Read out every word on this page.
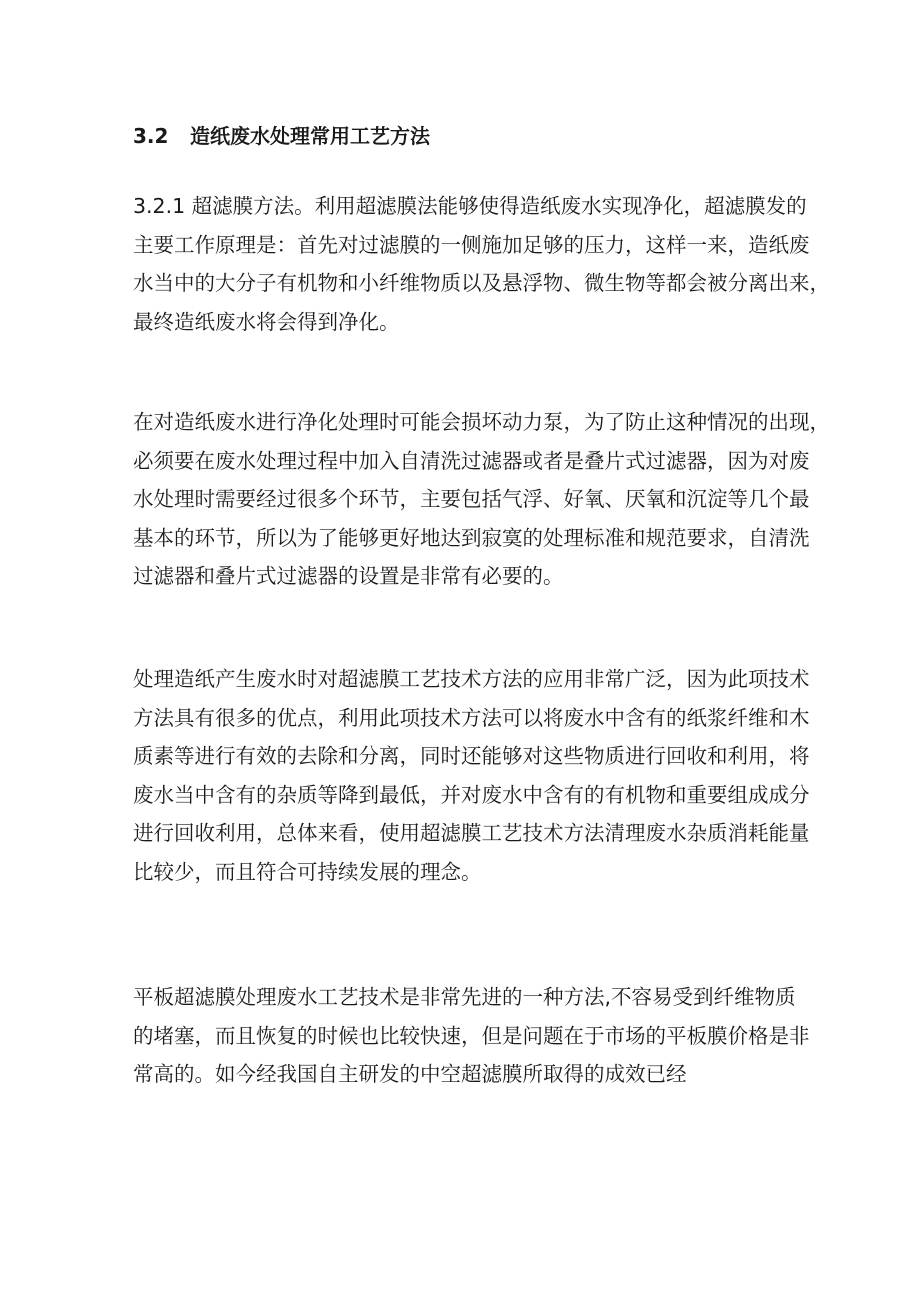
3.2 造纸废水处理常用工艺方法
3.2.1 超滤膜方法。利用超滤膜法能够使得造纸废水实现净化，超滤膜发的
主要工作原理是：首先对过滤膜的一侧施加足够的压力，这样一来，造纸废
水当中的大分子有机物和小纤维物质以及悬浮物、微生物等都会被分离出来，
最终造纸废水将会得到净化。
在对造纸废水进行净化处理时可能会损坏动力泵，为了防止这种情况的出现，
必须要在废水处理过程中加入自清洗过滤器或者是叠片式过滤器，因为对废
水处理时需要经过很多个环节，主要包括气浮、好氧、厌氧和沉淀等几个最
基本的环节，所以为了能够更好地达到寂寞的处理标准和规范要求，自清洗
过滤器和叠片式过滤器的设置是非常有必要的。
处理造纸产生废水时对超滤膜工艺技术方法的应用非常广泛，因为此项技术
方法具有很多的优点，利用此项技术方法可以将废水中含有的纸浆纤维和木
质素等进行有效的去除和分离，同时还能够对这些物质进行回收和利用，将
废水当中含有的杂质等降到最低，并对废水中含有的有机物和重要组成成分
进行回收利用，总体来看，使用超滤膜工艺技术方法清理废水杂质消耗能量
比较少，而且符合可持续发展的理念。
平板超滤膜处理废水工艺技术是非常先进的一种方法,不容易受到纤维物质
的堵塞，而且恢复的时候也比较快速，但是问题在于市场的平板膜价格是非
常高的。如今经我国自主研发的中空超滤膜所取得的成效已经
